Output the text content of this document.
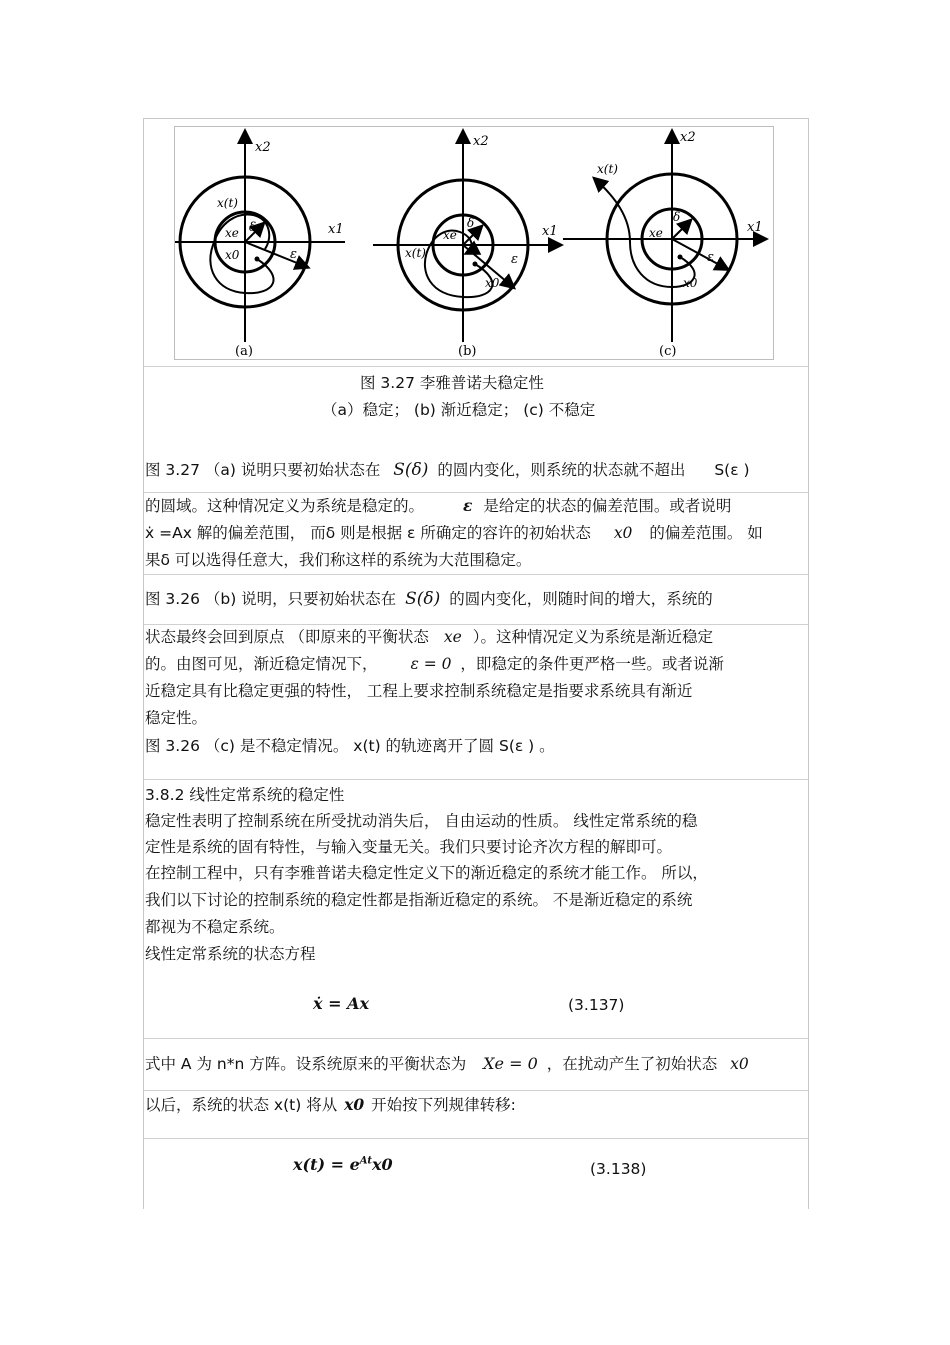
x2
x1
x(t)
xe δ
x0	ε
(a)
x2
x1
x(t)
xe
δ
x0
ε
(b)
x2
x1
x(t)
xe
δ
x0
ε
(c)
图 3.27 李雅普诺夫稳定性
（a）稳定； (b) 渐近稳定； (c) 不稳定
图 3.27 （a) 说明只要初始状态在 S(δ) 的圆内变化，则系统的状态就不超出 S(ε )
的圆域。这种情况定义为系统是稳定的。	ε 是给定的状态的偏差范围。或者说明
ẋ =Ax 解的偏差范围， 而δ 则是根据 ε 所确定的容许的初始状态 x0 的偏差范围。 如
果δ 可以选得任意大，我们称这样的系统为大范围稳定。
图 3.26 （b) 说明，只要初始状态在 S(δ) 的圆内变化，则随时间的增大，系统的
状态最终会回到原点 （即原来的平衡状态 xe ）。这种情况定义为系统是渐近稳定
的。由图可见，渐近稳定情况下， ε = 0 ，即稳定的条件更严格一些。或者说渐
近稳定具有比稳定更强的特性， 工程上要求控制系统稳定是指要求系统具有渐近
稳定性。
图 3.26 （c) 是不稳定情况。 x(t) 的轨迹离开了圆 S(ε ) 。
3.8.2 线性定常系统的稳定性
稳定性表明了控制系统在所受扰动消失后， 自由运动的性质。 线性定常系统的稳
定性是系统的固有特性，与输入变量无关。我们只要讨论齐次方程的解即可。
在控制工程中，只有李雅普诺夫稳定性定义下的渐近稳定的系统才能工作。 所以，
我们以下讨论的控制系统的稳定性都是指渐近稳定的系统。 不是渐近稳定的系统
都视为不稳定系统。
线性定常系统的状态方程
ẋ = Ax	(3.137)
式中 A 为 n*n 方阵。设系统原来的平衡状态为 Xe = 0 ，在扰动产生了初始状态 x0
以后，系统的状态 x(t) 将从 x0 开始按下列规律转移:
$x(t) = e^{At}x0$	(3.138)
